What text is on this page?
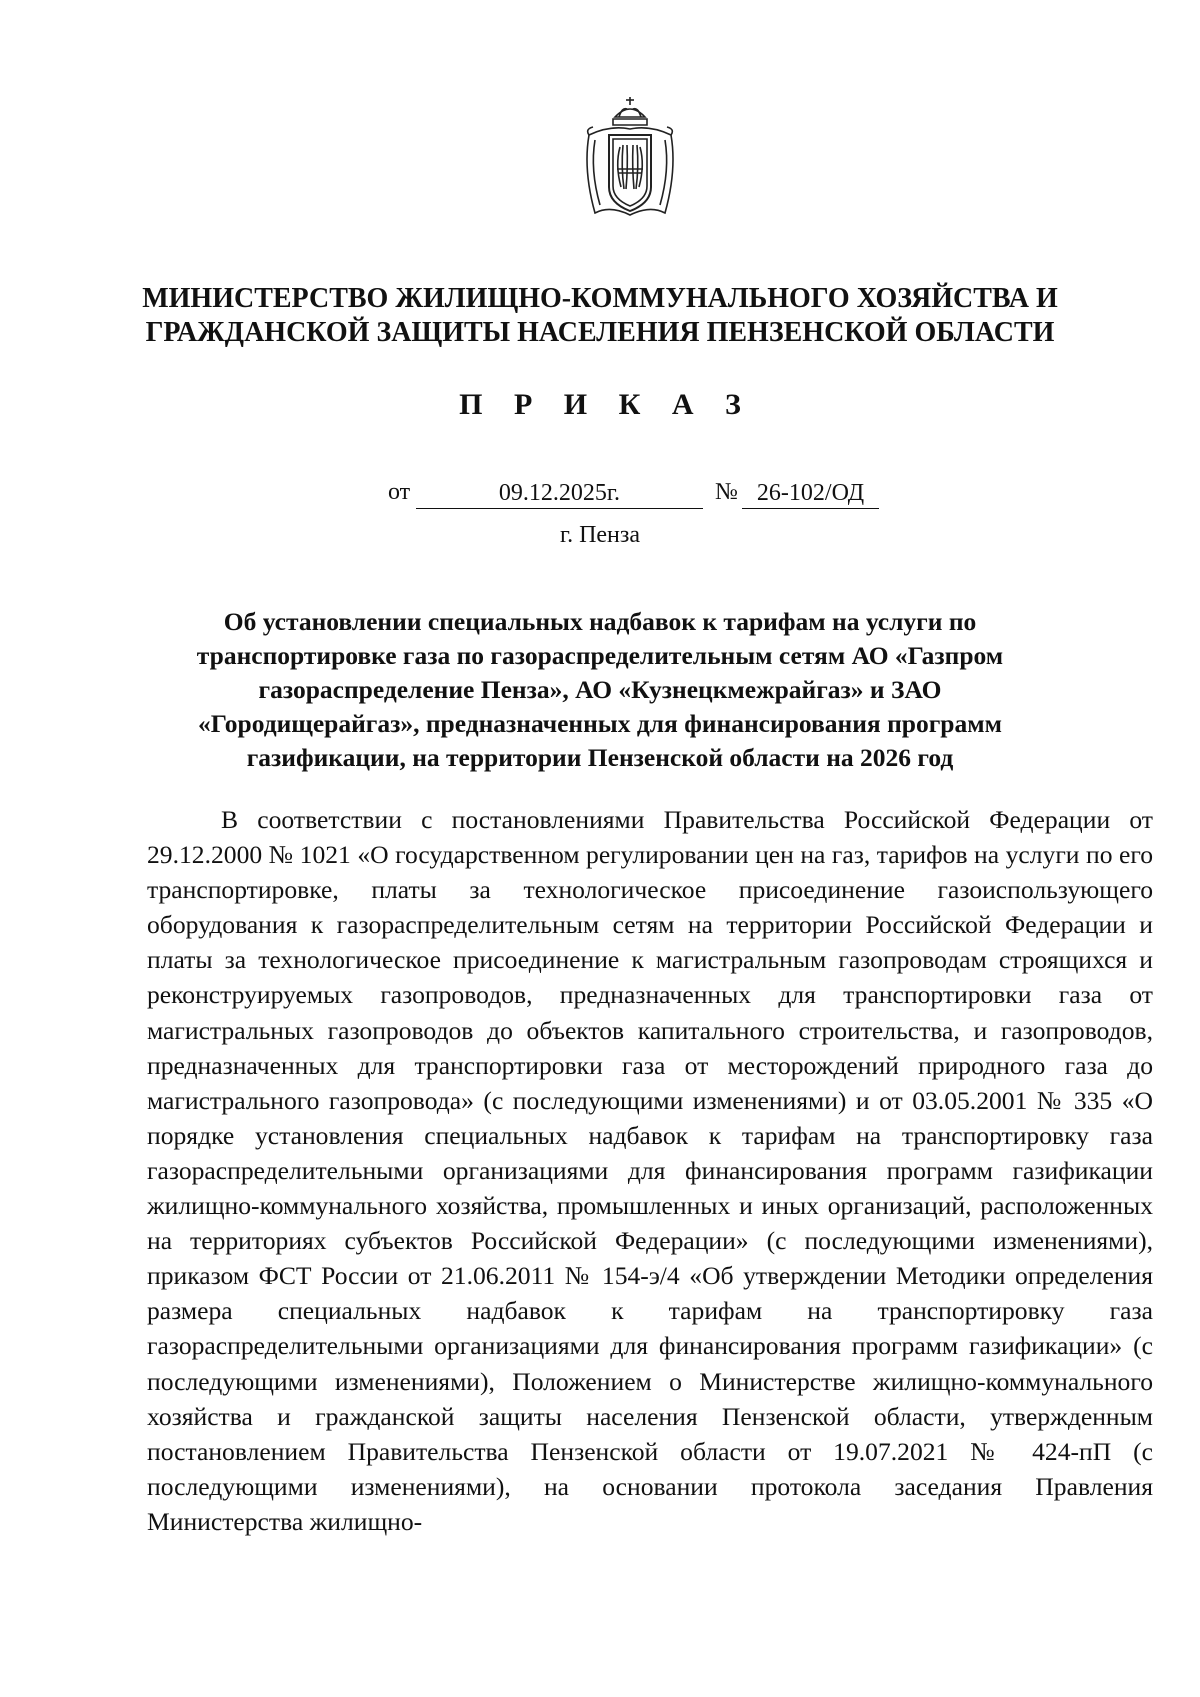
МИНИСТЕРСТВО ЖИЛИЩНО-КОММУНАЛЬНОГО ХОЗЯЙСТВА И ГРАЖДАНСКОЙ ЗАЩИТЫ НАСЕЛЕНИЯ ПЕНЗЕНСКОЙ ОБЛАСТИ
П Р И К А З
от	09.12.2025г.	№ 26-102/ОД
г. Пенза
Об установлении специальных надбавок к тарифам на услуги по транспортировке газа по газораспределительным сетям АО «Газпром газораспределение Пенза», АО «Кузнецкмежрайгаз» и ЗАО «Городищерайгаз», предназначенных для финансирования программ газификации, на территории Пензенской области на 2026 год

В соответствии с постановлениями Правительства Российской Федерации от 29.12.2000 № 1021 «О государственном регулировании цен на газ, тарифов на услуги по его транспортировке, платы за технологическое присоединение газоиспользующего оборудования к газораспределительным сетям на территории Российской Федерации и платы за технологическое присоединение к магистральным газопроводам строящихся и реконструируемых газопроводов, предназначенных для транспортировки газа от магистральных газопроводов до объектов капитального строительства, и газопроводов, предназначенных для транспортировки газа от месторождений природного газа до магистрального газопровода» (с последующими изменениями) и от 03.05.2001 № 335 «О порядке установления специальных надбавок к тарифам на транспортировку газа газораспределительными организациями для финансирования программ газификации жилищно-коммунального хозяйства, промышленных и иных организаций, расположенных на территориях субъектов Российской Федерации» (с последующими изменениями), приказом ФСТ России от 21.06.2011 № 154-э/4 «Об утверждении Методики определения размера специальных надбавок к тарифам на транспортировку газа газораспределительными организациями для финансирования программ газификации» (с последующими изменениями), Положением о Министерстве жилищно-коммунального хозяйства и гражданской защиты населения Пензенской области, утвержденным постановлением Правительства Пензенской области от 19.07.2021 № 424-пП (с последующими изменениями), на основании протокола заседания Правления Министерства жилищно-
